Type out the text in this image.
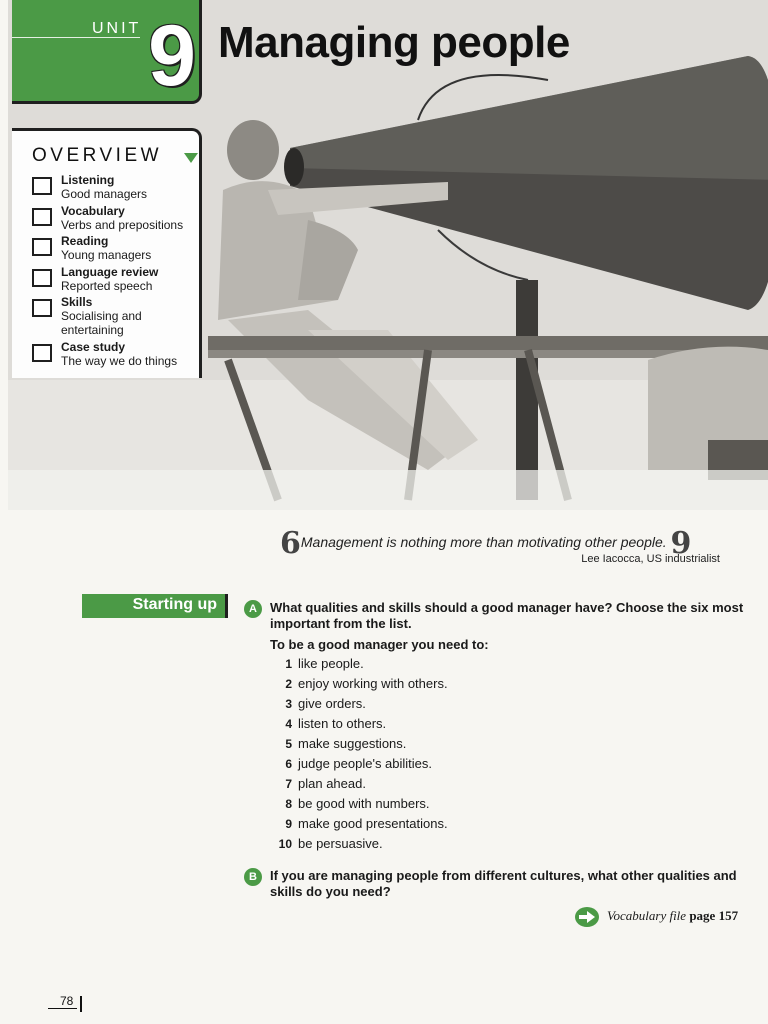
UNIT 9 Managing people
OVERVIEW
Listening
Good managers
Vocabulary
Verbs and prepositions
Reading
Young managers
Language review
Reported speech
Skills
Socialising and entertaining
Case study
The way we do things
6Management is nothing more than motivating other people. 9
Lee Iacocca, US industrialist
Starting up	A	What qualities and skills should a good manager have? Choose the six most important from the list.
To be a good manager you need to:
1 like people.
2 enjoy working with others.
3 give orders.
4 listen to others.
5 make suggestions.
6 judge people's abilities.
7 plan ahead.
8 be good with numbers.
9 make good presentations.
10 be persuasive.
B	If you are managing people from different cultures, what other qualities and skills do you need?
Vocabulary file page 157
78
